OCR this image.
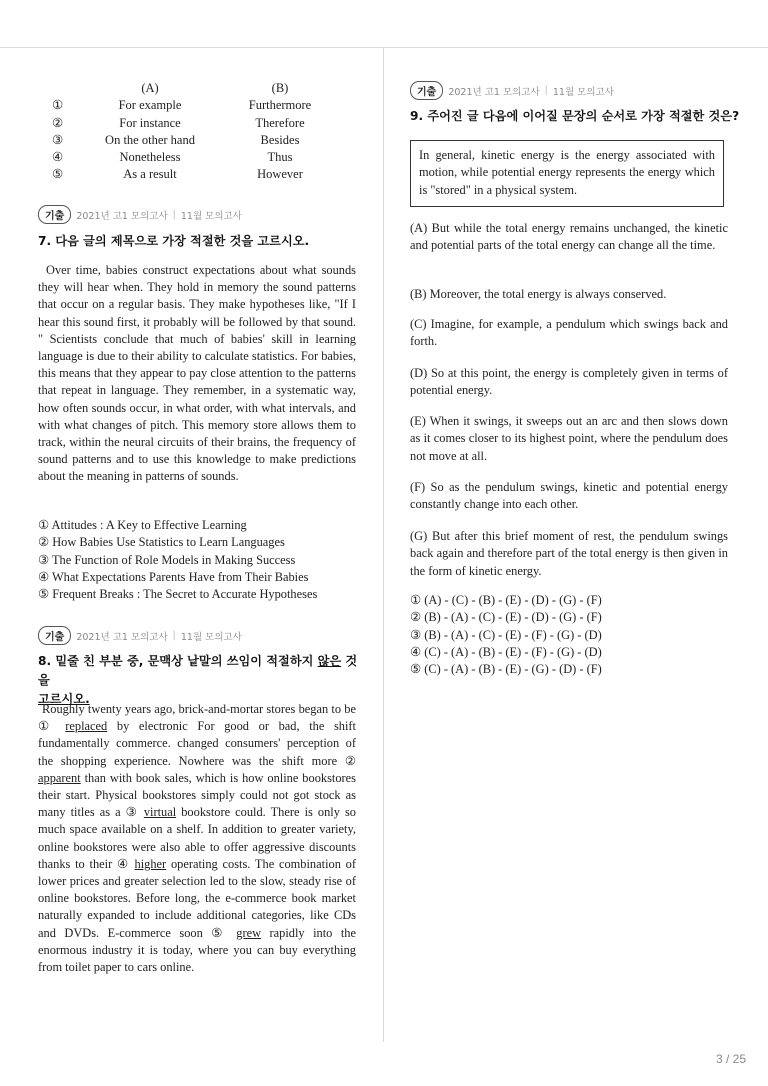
(A)	(B)
①	For example	Furthermore
②	For instance	Therefore
③	On the other hand	Besides
④	Nonetheless	Thus
⑤	As a result	However
기출	2021년 고1 모의고사 | 11월 모의고사
7. 다음 글의 제목으로 가장 적절한 것을 고르시오.
Over time, babies construct expectations about what sounds they will hear when. They hold in memory the sound patterns that occur on a regular basis. They make hypotheses like, "If I hear this sound first, it probably will be followed by that sound. " Scientists conclude that much of babies' skill in learning language is due to their ability to calculate statistics. For babies, this means that they appear to pay close attention to the patterns that repeat in language. They remember, in a systematic way, how often sounds occur, in what order, with what intervals, and with what changes of pitch. This memory store allows them to track, within the neural circuits of their brains, the frequency of sound patterns and to use this knowledge to make predictions about the meaning in patterns of sounds.
① Attitudes : A Key to Effective Learning
② How Babies Use Statistics to Learn Languages
③ The Function of Role Models in Making Success
④ What Expectations Parents Have from Their Babies
⑤ Frequent Breaks : The Secret to Accurate Hypotheses
기출	2021년 고1 모의고사 | 11월 모의고사
8. 밑줄 친 부분 중, 문맥상 낱말의 쓰임이 적절하지 않은 것을
고르시오.
Roughly twenty years ago, brick-and-mortar stores began to be ① replaced by electronic For good or bad, the shift fundamentally commerce. changed consumers' perception of the shopping experience. Nowhere was the shift more ② apparent than with book sales, which is how online bookstores their start. Physical bookstores simply could not got stock as many titles as a ③ virtual bookstore could. There is only so much space available on a shelf. In addition to greater variety, online bookstores were also able to offer aggressive discounts thanks to their ④ higher operating costs. The combination of lower prices and greater selection led to the slow, steady rise of online bookstores. Before long, the e-commerce book market naturally expanded to include additional categories, like CDs and DVDs. E-commerce soon ⑤ grew rapidly into the enormous industry it is today, where you can buy everything from toilet paper to cars online.
기출	2021년 고1 모의고사 | 11월 모의고사
9. 주어진 글 다음에 이어질 문장의 순서로 가장 적절한 것은?
In general, kinetic energy is the energy associated with motion, while potential energy represents the energy which is "stored" in a physical system.
(A) But while the total energy remains unchanged, the kinetic and potential parts of the total energy can change all the time.
(B) Moreover, the total energy is always conserved.
(C) Imagine, for example, a pendulum which swings back and forth.
(D) So at this point, the energy is completely given in terms of potential energy.
(E) When it swings, it sweeps out an arc and then slows down as it comes closer to its highest point, where the pendulum does not move at all.
(F) So as the pendulum swings, kinetic and potential energy constantly change into each other.
(G) But after this brief moment of rest, the pendulum swings back again and therefore part of the total energy is then given in the form of kinetic energy.
① (A) - (C) - (B) - (E) - (D) - (G) - (F)
② (B) - (A) - (C) - (E) - (D) - (G) - (F)
③ (B) - (A) - (C) - (E) - (F) - (G) - (D)
④ (C) - (A) - (B) - (E) - (F) - (G) - (D)
⑤ (C) - (A) - (B) - (E) - (G) - (D) - (F)
3 / 25
